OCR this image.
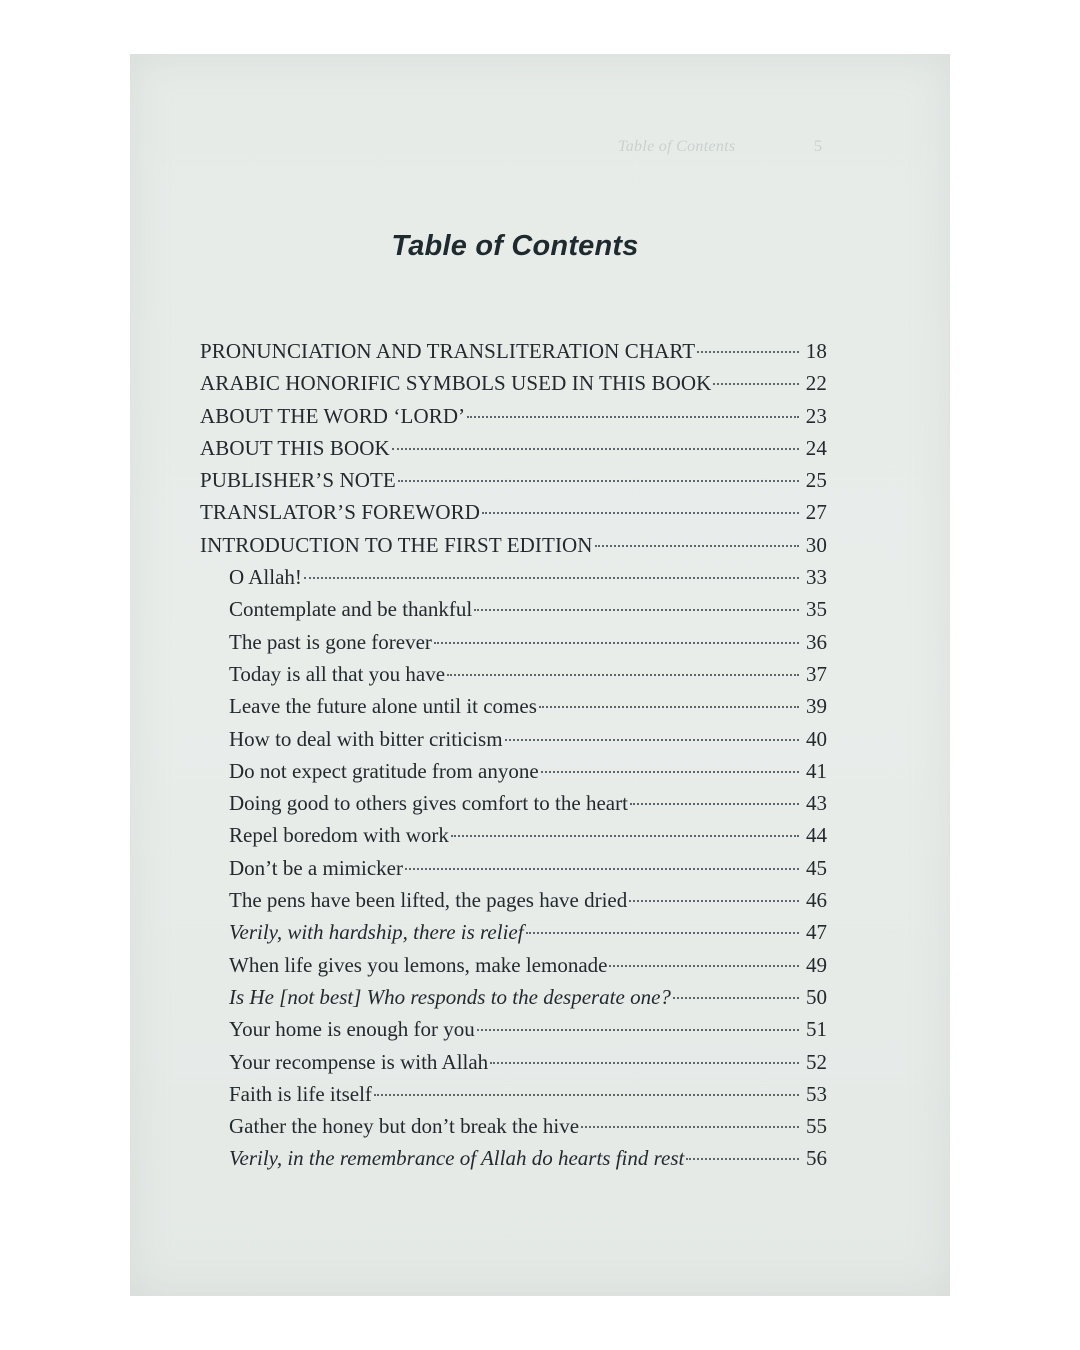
Table of Contents	5
Table of Contents
PRONUNCIATION AND TRANSLITERATION CHART	18
ARABIC HONORIFIC SYMBOLS USED IN THIS BOOK	22
ABOUT THE WORD ‘LORD’	23
ABOUT THIS BOOK	24
PUBLISHER’S NOTE	25
TRANSLATOR’S FOREWORD	27
INTRODUCTION TO THE FIRST EDITION	30
O Allah!	33
Contemplate and be thankful	35
The past is gone forever	36
Today is all that you have	37
Leave the future alone until it comes	39
How to deal with bitter criticism	40
Do not expect gratitude from anyone	41
Doing good to others gives comfort to the heart	43
Repel boredom with work	44
Don’t be a mimicker	45
The pens have been lifted, the pages have dried	46
Verily, with hardship, there is relief	47
When life gives you lemons, make lemonade	49
Is He [not best] Who responds to the desperate one?	50
Your home is enough for you	51
Your recompense is with Allah	52
Faith is life itself	53
Gather the honey but don’t break the hive	55
Verily, in the remembrance of Allah do hearts find rest	56
